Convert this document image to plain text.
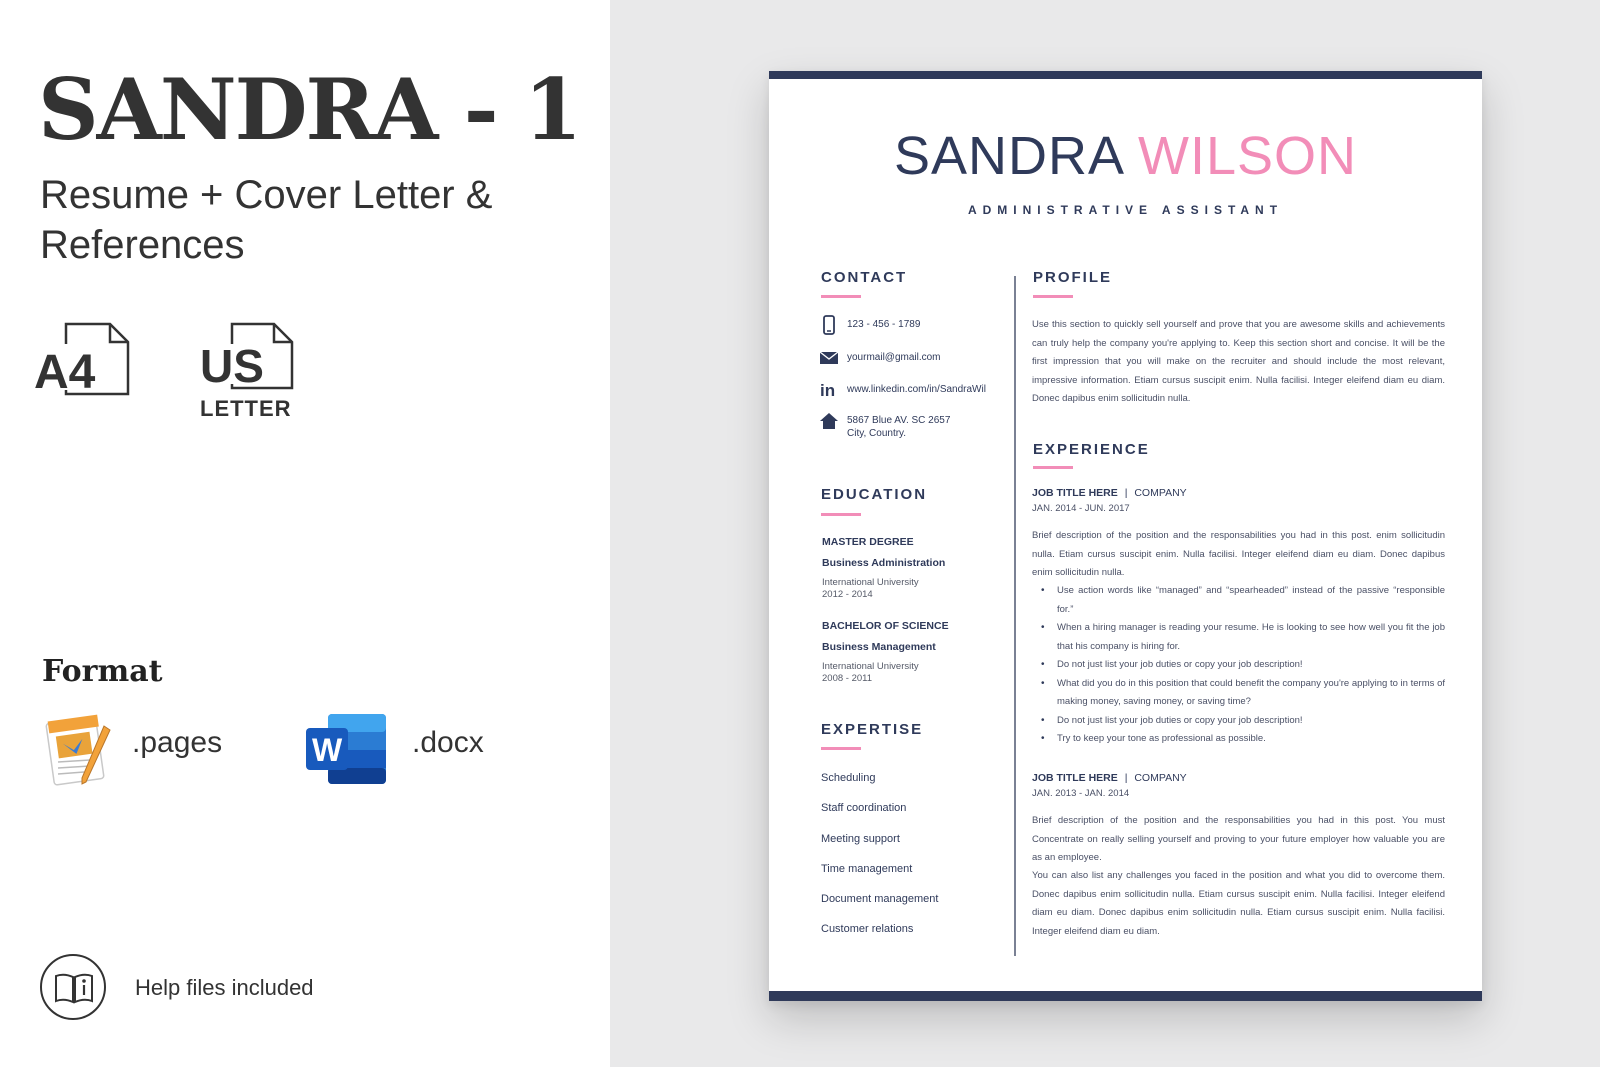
SANDRA - 1
Resume + Cover Letter & References
A4 US
LETTER
Format
.pages	W .docx
Help files included
SANDRA WILSON
ADMINISTRATIVE ASSISTANT
CONTACT
123 - 456 - 1789
yourmail@gmail.com
in www.linkedin.com/in/SandraWil
5867 Blue AV. SC 2657
City, Country.
EDUCATION
MASTER DEGREE
Business Administration
International University
2012 - 2014
BACHELOR OF SCIENCE
Business Management
International University
2008 - 2011
EXPERTISE
Scheduling
Staff coordination
Meeting support
Time management
Document management
Customer relations
PROFILE
Use this section to quickly sell yourself and prove that you are awesome skills and achievements can truly help the company you're applying to. Keep this section short and concise. It will be the first impression that you will make on the recruiter and should include the most relevant, impressive information. Etiam cursus suscipit enim. Nulla facilisi. Integer eleifend diam eu diam. Donec dapibus enim sollicitudin nulla.
EXPERIENCE
JOB TITLE HERE | COMPANY
JAN. 2014 - JUN. 2017
Brief description of the position and the responsabilities you had in this post. enim sollicitudin nulla. Etiam cursus suscipit enim. Nulla facilisi. Integer eleifend diam eu diam. Donec dapibus enim sollicitudin nulla.
• Use action words like “managed” and “spearheaded” instead of the passive “responsible for.”
• When a hiring manager is reading your resume. He is looking to see how well you fit the job that his company is hiring for.
• Do not just list your job duties or copy your job description!
• What did you do in this position that could benefit the company you're applying to in terms of making money, saving money, or saving time?
• Do not just list your job duties or copy your job description!
• Try to keep your tone as professional as possible.
JOB TITLE HERE | COMPANY
JAN. 2013 - JAN. 2014
Brief description of the position and the responsabilities you had in this post. You must Concentrate on really selling yourself and proving to your future employer how valuable you are as an employee.
You can also list any challenges you faced in the position and what you did to overcome them. Donec dapibus enim sollicitudin nulla. Etiam cursus suscipit enim. Nulla facilisi. Integer eleifend diam eu diam. Donec dapibus enim sollicitudin nulla. Etiam cursus suscipit enim. Nulla facilisi. Integer eleifend diam eu diam.
